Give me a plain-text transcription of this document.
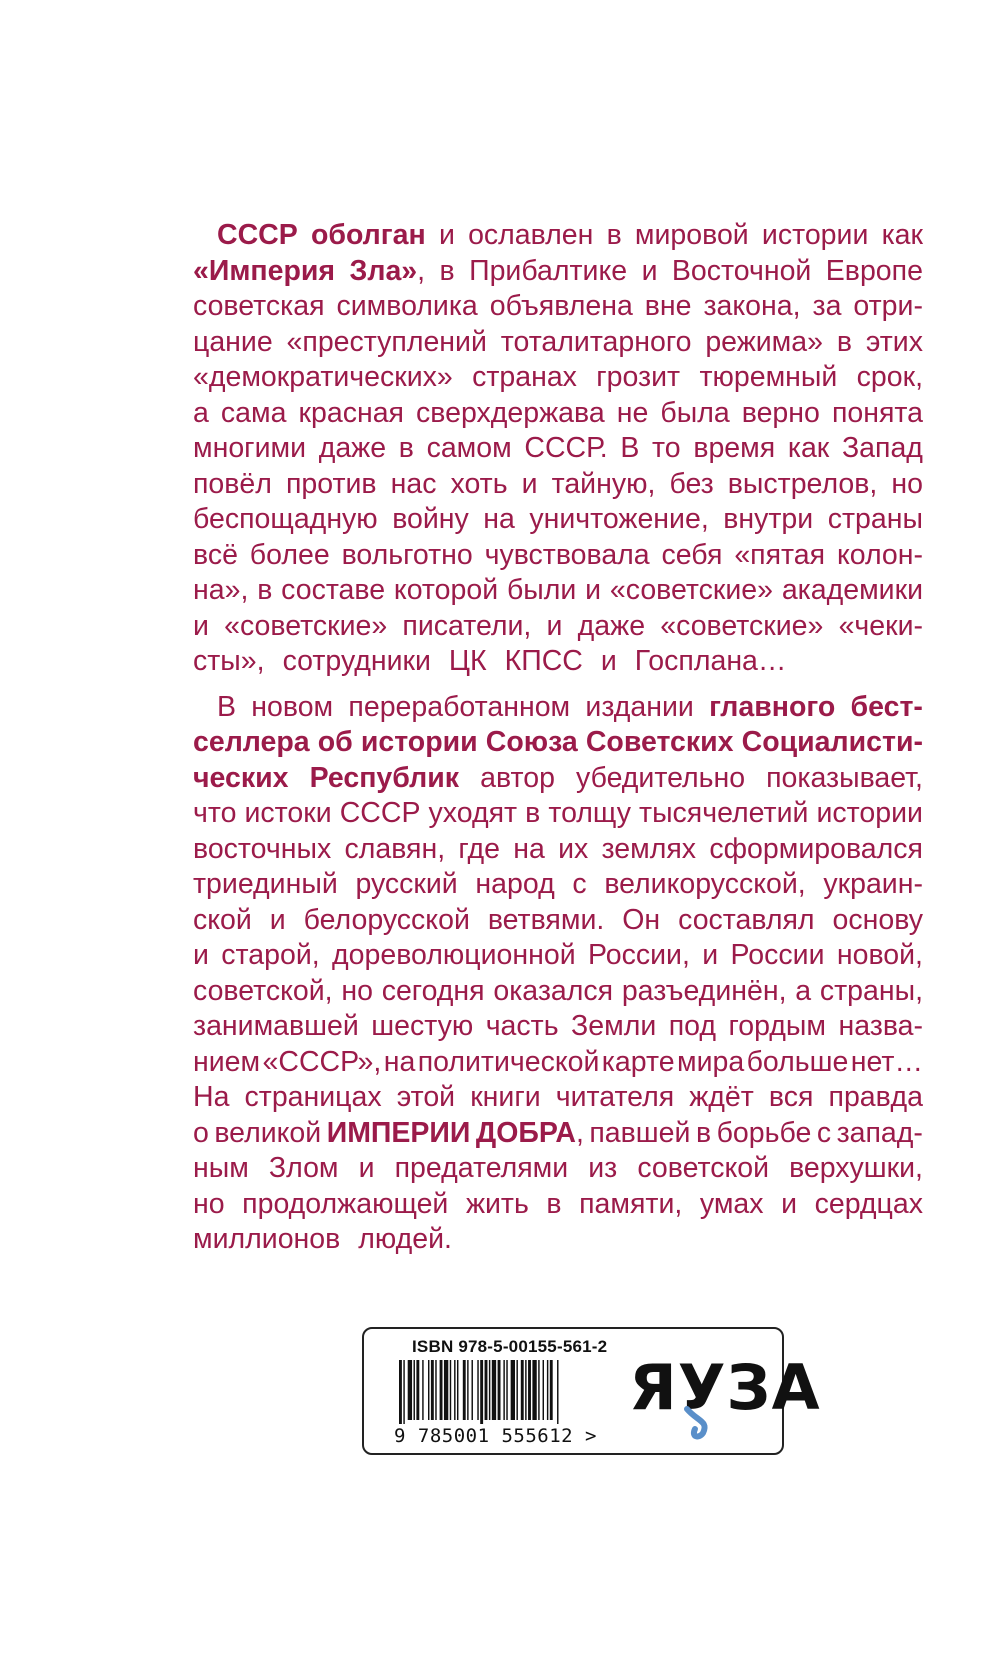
СССР оболган и ославлен в мировой истории как
«Империя Зла», в Прибалтике и Восточной Европе
советская символика объявлена вне закона, за отри-
цание «преступлений тоталитарного режима» в этих
«демократических» странах грозит тюремный срок,
а сама красная сверхдержава не была верно понята
многими даже в самом СССР. В то время как Запад
повёл против нас хоть и тайную, без выстрелов, но
беспощадную войну на уничтожение, внутри страны
всё более вольготно чувствовала себя «пятая колон-
на», в составе которой были и «советские» академики
и «советские» писатели, и даже «советские» «чеки-
сты», сотрудники ЦК КПСС и Госплана…
В новом переработанном издании главного бест-
селлера об истории Союза Советских Социалисти-
ческих Республик автор убедительно показывает,
что истоки СССР уходят в толщу тысячелетий истории
восточных славян, где на их землях сформировался
триединый русский народ с великорусской, украин-
ской и белорусской ветвями. Он составлял основу
и старой, дореволюционной России, и России новой,
советской, но сегодня оказался разъединён, а страны,
занимавшей шестую часть Земли под гордым назва-
нием «СССР», на политической карте мира больше нет…
На страницах этой книги читателя ждёт вся правда
о великой ИМПЕРИИ ДОБРА, павшей в борьбе с запад-
ным Злом и предателями из советской верхушки,
но продолжающей жить в памяти, умах и сердцах
миллионов людей.
ISBN 978-5-00155-561-2
9 785001 555612 >
ЯУЗА
